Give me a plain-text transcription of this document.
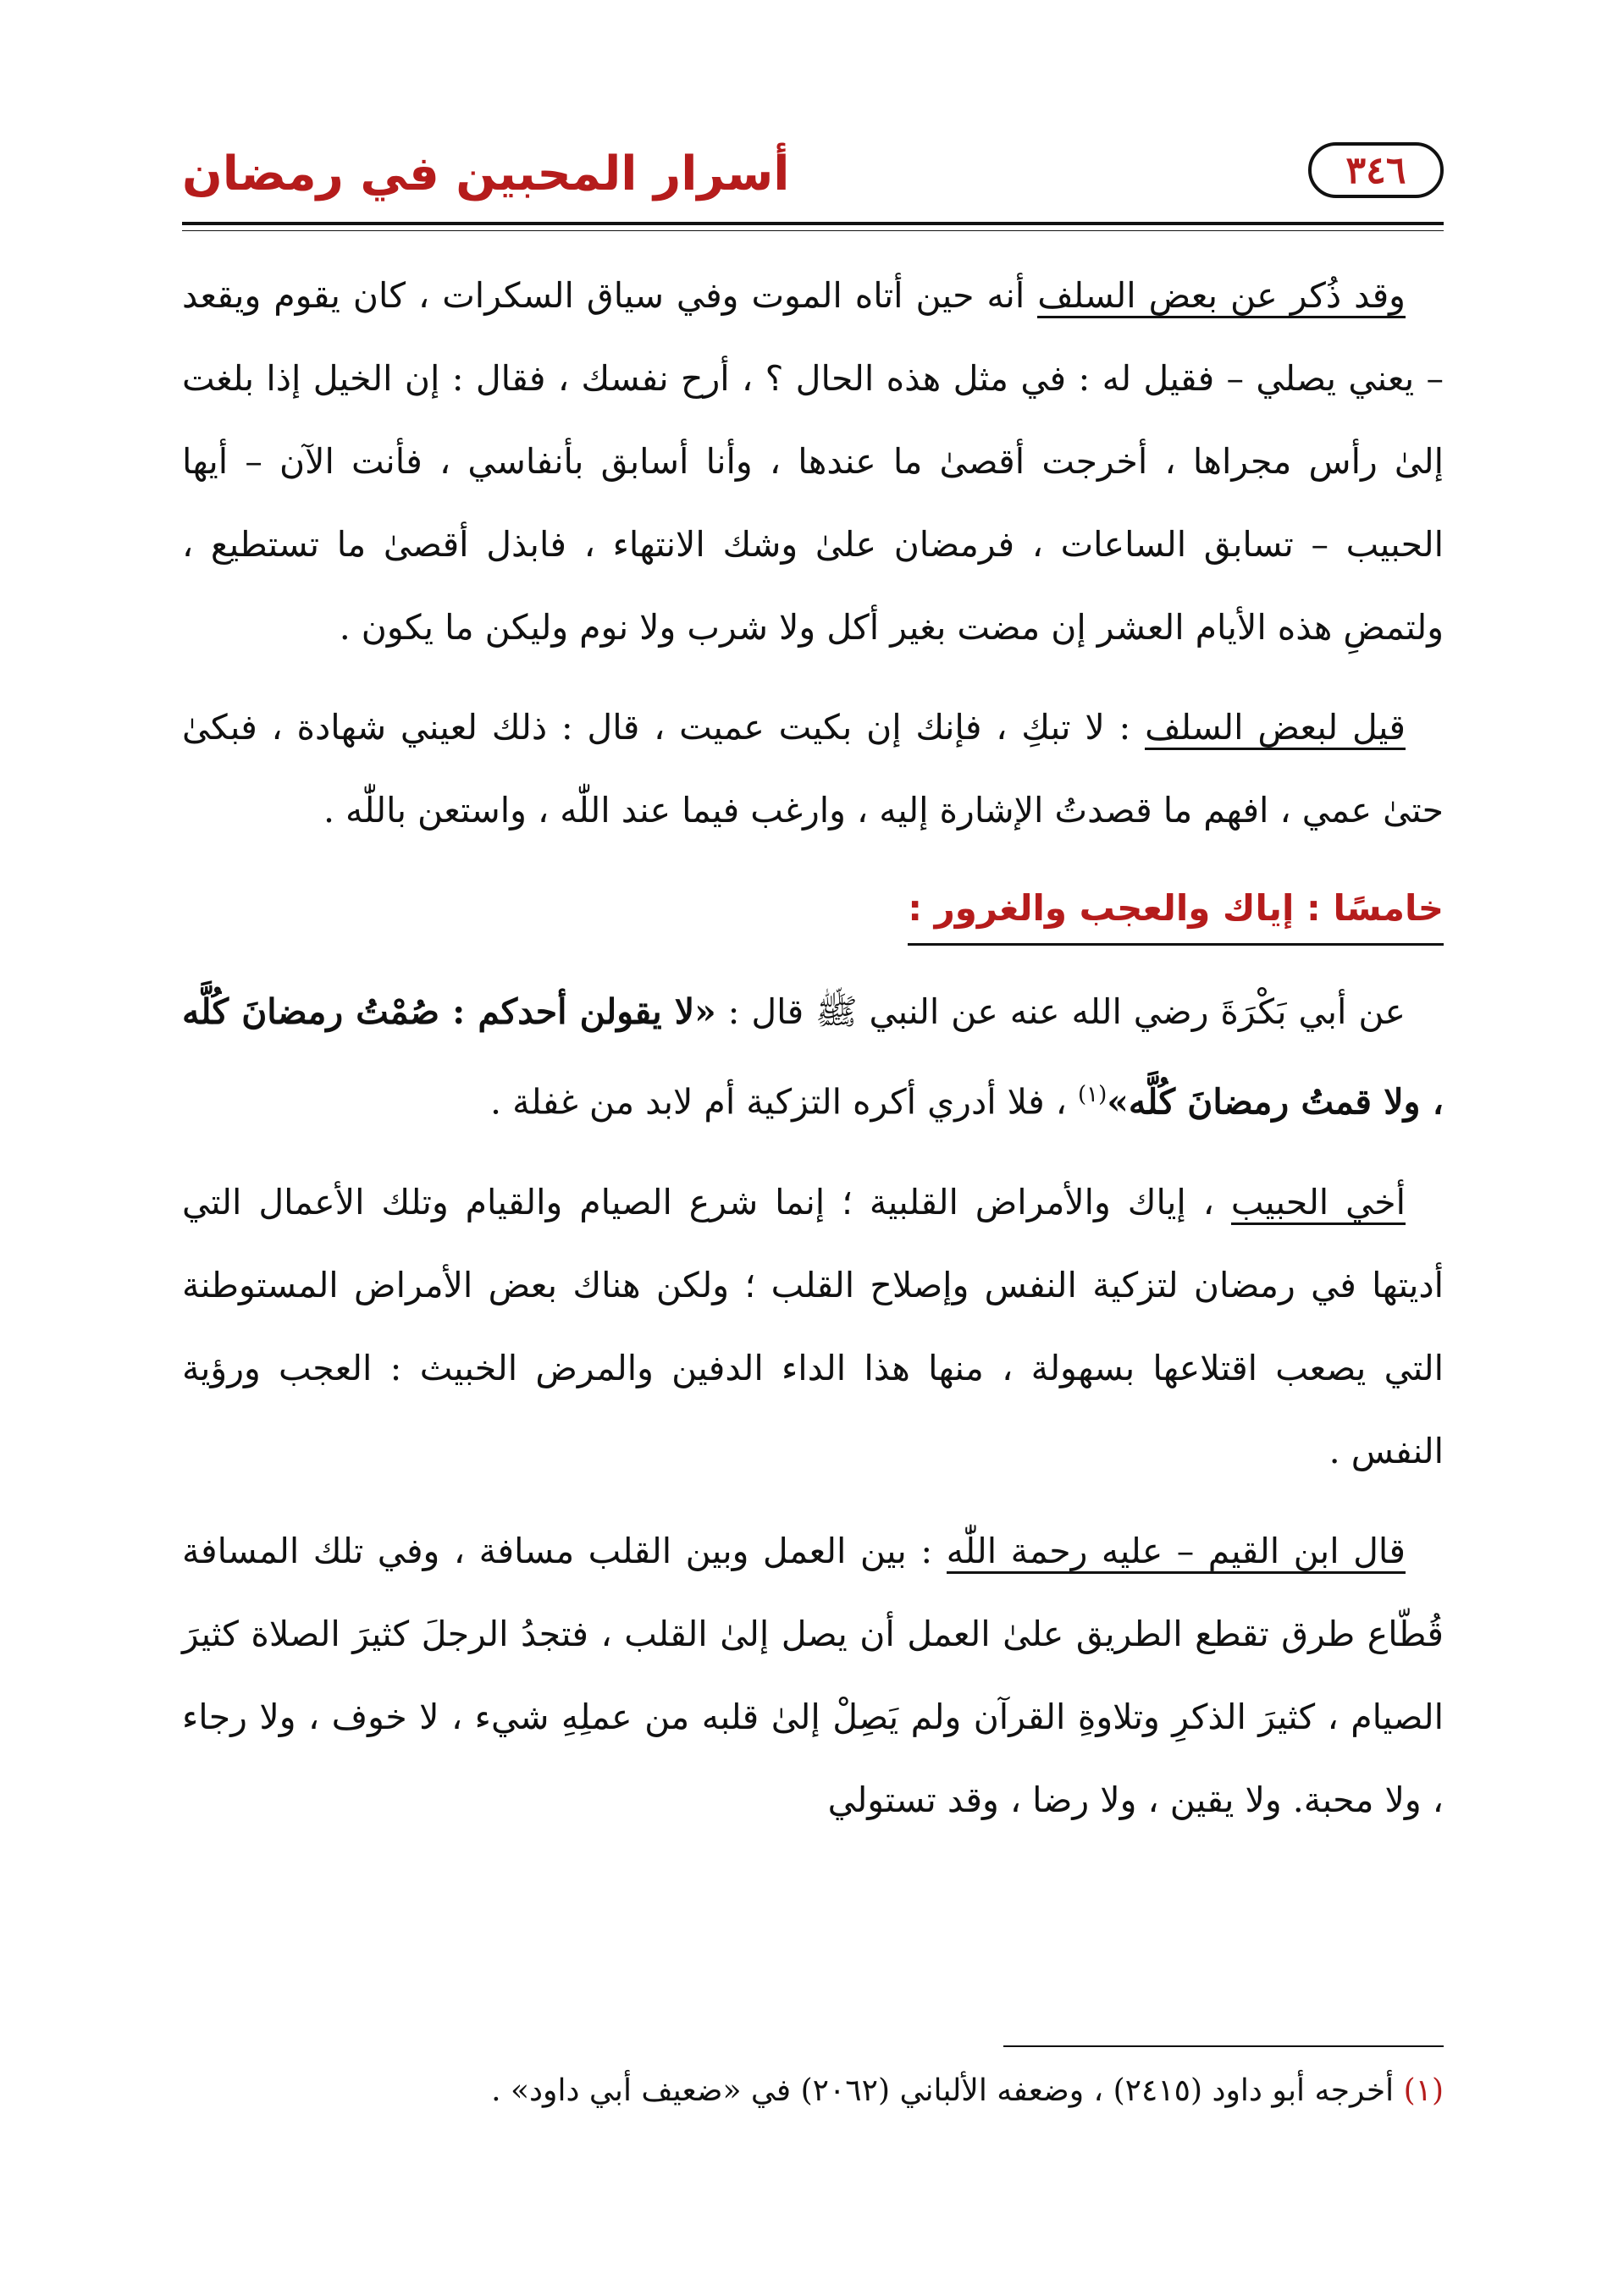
أسرار المحبين في رمضان	٣٤٦

وقد ذُكر عن بعض السلف أنه حين أتاه الموت وفي سياق السكرات ، كان يقوم ويقعد – يعني يصلي – فقيل له : في مثل هذه الحال ؟ ، أرح نفسك ، فقال : إن الخيل إذا بلغت إلىٰ رأس مجراها ، أخرجت أقصىٰ ما عندها ، وأنا أسابق بأنفاسي ، فأنت الآن – أيها الحبيب – تسابق الساعات ، فرمضان علىٰ وشك الانتهاء ، فابذل أقصىٰ ما تستطيع ، ولتمضِ هذه الأيام العشر إن مضت بغير أكل ولا شرب ولا نوم وليكن ما يكون .

قيل لبعض السلف : لا تبكِ ، فإنك إن بكيت عميت ، قال : ذلك لعيني شهادة ، فبكىٰ حتىٰ عمي ، افهم ما قصدتُ الإشارة إليه ، وارغب فيما عند اللّٰه ، واستعن باللّٰه .

خامسًا : إياك والعجب والغرور :

عن أبي بَكْرَةَ رضي الله عنه عن النبي ﷺ قال : «لا يقولن أحدكم : صُمْتُ رمضانَ كُلَّه ، ولا قمتُ رمضانَ كُلَّه»$^{(١)}$ ، فلا أدري أكره التزكية أم لابد من غفلة .

أخي الحبيب ، إياك والأمراض القلبية ؛ إنما شرع الصيام والقيام وتلك الأعمال التي أديتها في رمضان لتزكية النفس وإصلاح القلب ؛ ولكن هناك بعض الأمراض المستوطنة التي يصعب اقتلاعها بسهولة ، منها هذا الداء الدفين والمرض الخبيث : العجب ورؤية النفس .

قال ابن القيم – عليه رحمة اللّٰه : بين العمل وبين القلب مسافة ، وفي تلك المسافة قُطّاع طرق تقطع الطريق علىٰ العمل أن يصل إلىٰ القلب ، فتجدُ الرجلَ كثيرَ الصلاة كثيرَ الصيام ، كثيرَ الذكرِ وتلاوةِ القرآن ولم يَصِلْ إلىٰ قلبه من عملِهِ شيء ، لا خوف ، ولا رجاء ، ولا محبة. ولا يقين ، ولا رضا ، وقد تستولي

(١) أخرجه أبو داود (٢٤١٥) ، وضعفه الألباني (٢٠٦٢) في «ضعيف أبي داود» .
